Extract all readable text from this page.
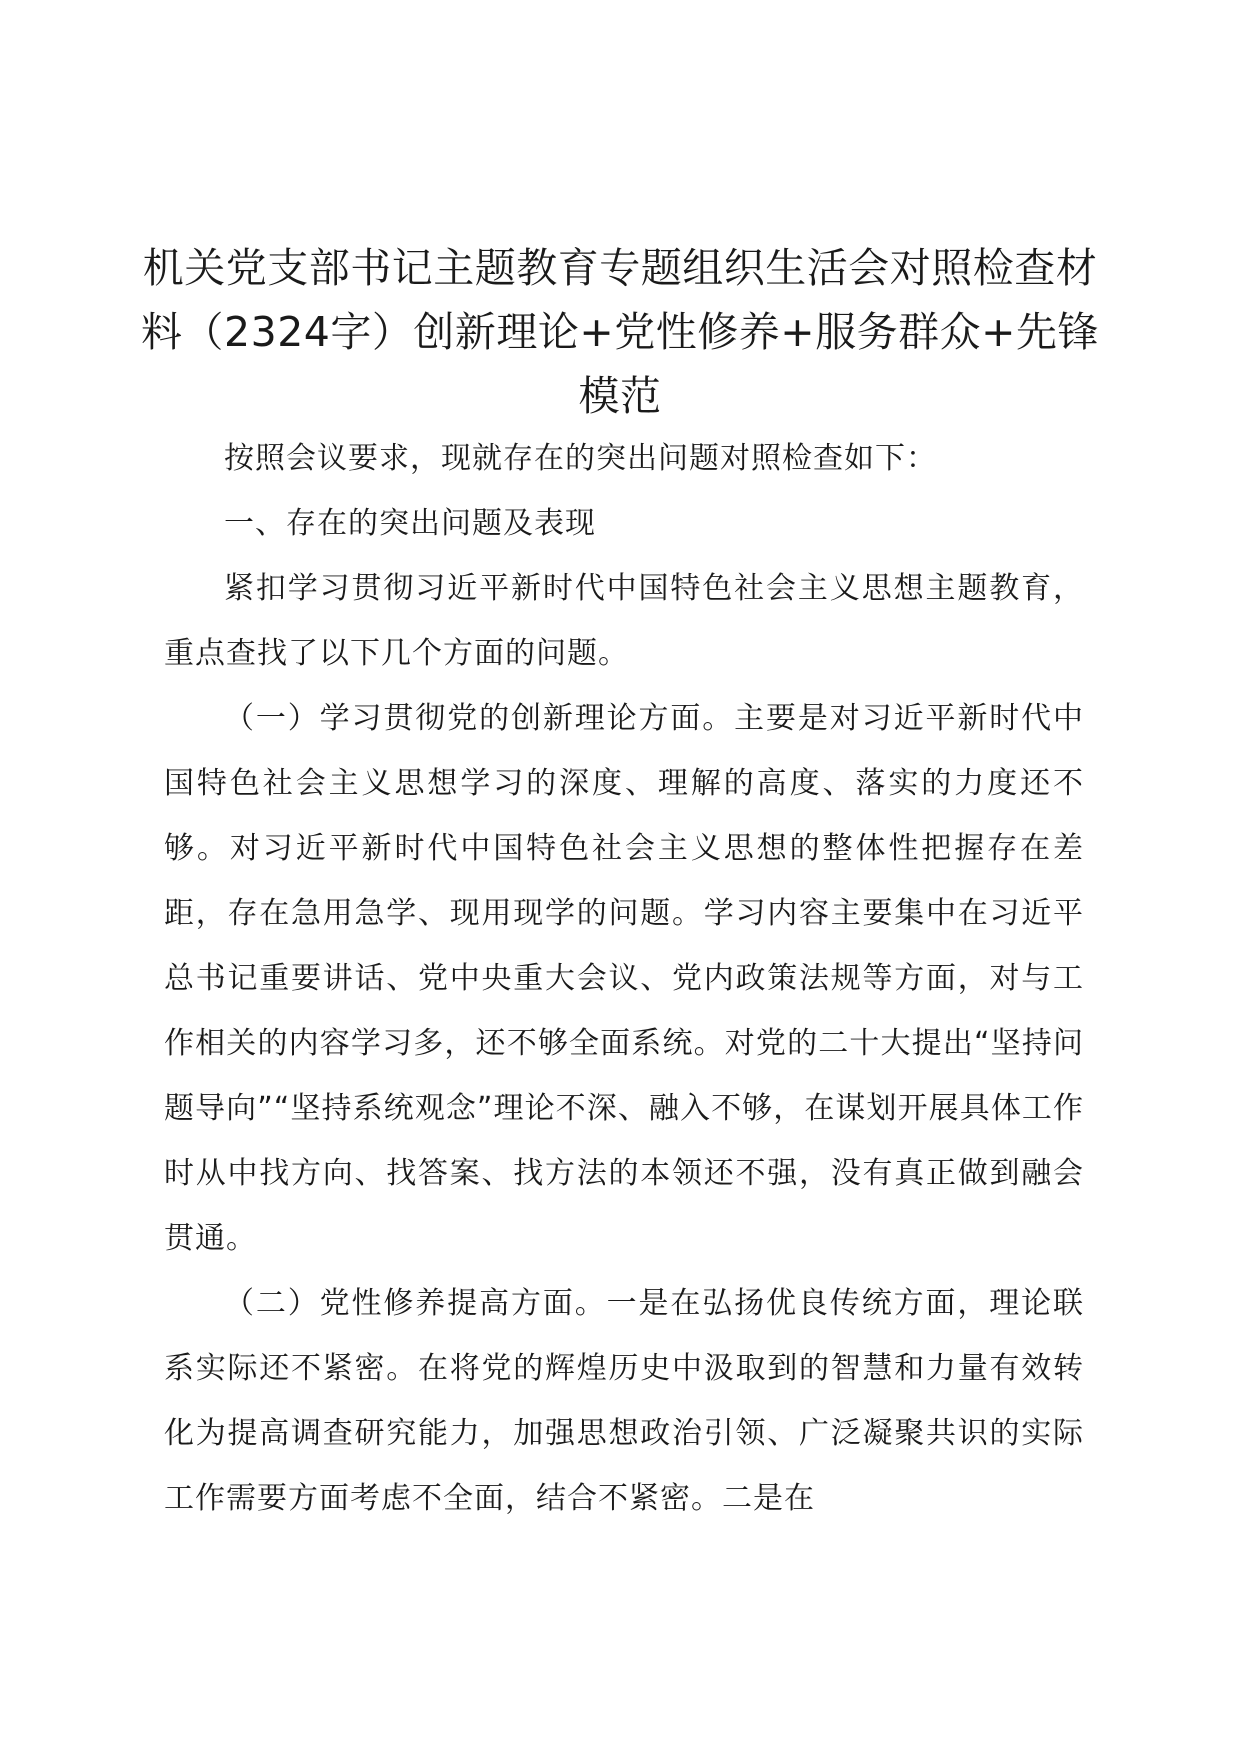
机关党支部书记主题教育专题组织生活会对照检查材料（2324字）创新理论+党性修养+服务群众+先锋模范

按照会议要求，现就存在的突出问题对照检查如下：

一、存在的突出问题及表现

紧扣学习贯彻习近平新时代中国特色社会主义思想主题教育，重点查找了以下几个方面的问题。

（一）学习贯彻党的创新理论方面。主要是对习近平新时代中国特色社会主义思想学习的深度、理解的高度、落实的力度还不够。对习近平新时代中国特色社会主义思想的整体性把握存在差距，存在急用急学、现用现学的问题。学习内容主要集中在习近平总书记重要讲话、党中央重大会议、党内政策法规等方面，对与工作相关的内容学习多，还不够全面系统。对党的二十大提出“坚持问题导向”“坚持系统观念”理论不深、融入不够，在谋划开展具体工作时从中找方向、找答案、找方法的本领还不强，没有真正做到融会贯通。

（二）党性修养提高方面。一是在弘扬优良传统方面，理论联系实际还不紧密。在将党的辉煌历史中汲取到的智慧和力量有效转化为提高调查研究能力，加强思想政治引领、广泛凝聚共识的实际工作需要方面考虑不全面，结合不紧密。二是在
